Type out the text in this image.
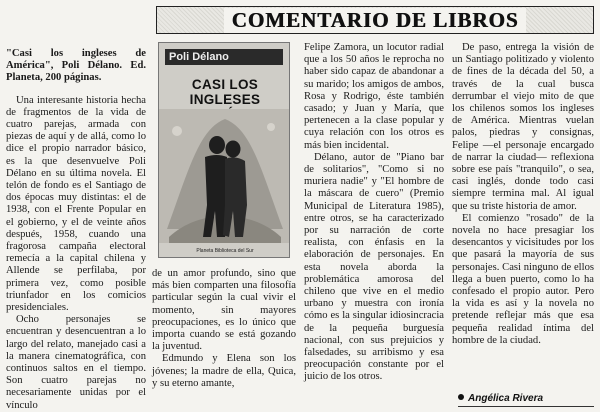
COMENTARIO DE LIBROS

"Casi los ingleses de América", Poli Délano. Ed. Planeta, 200 páginas.

Una interesante historia hecha de fragmentos de la vida de cuatro parejas, armada con piezas de aquí y de allá, como lo dice el propio narrador básico, es la que desenvuelve Poli Délano en su última novela. El telón de fondo es el Santiago de dos épocas muy distintas: el de 1938, con el Frente Popular en el gobierno, y el de veinte años después, 1958, cuando una fragorosa campaña electoral remecía a la capital chilena y Allende se perfilaba, por primera vez, como posible triunfador en los comicios presidenciales.

Ocho personajes se encuentran y desencuentran a lo largo del relato, manejado casi a la manera cinematográfica, con continuos saltos en el tiempo. Son cuatro parejas no necesariamente unidas por el vínculo

Poli Délano
CASI LOS INGLESES
Planeta Biblioteca del Sur

de un amor profundo, sino que más bien comparten una filosofía particular según la cual vivir el momento, sin mayores preocupaciones, es lo único que importa cuando se está gozando la juventud.

Edmundo y Elena son los jóvenes; la madre de ella, Quica, y su eterno amante,

Felipe Zamora, un locutor radial que a los 50 años le reprocha no haber sido capaz de abandonar a su marido; los amigos de ambos, Rosa y Rodrigo, éste también casado; y Juan y María, que pertenecen a la clase popular y cuya relación con los otros es más bien incidental.

Délano, autor de "Piano bar de solitarios", "Como si no muriera nadie" y "El hombre de la máscara de cuero" (Premio Municipal de Literatura 1985), entre otros, se ha caracterizado por su narración de corte realista, con énfasis en la elaboración de personajes. En esta novela aborda la problemática amorosa del chileno que vive en el medio urbano y muestra con ironía cómo es la singular idiosincracia de la pequeña burguesía nacional, con sus prejuicios y falsedades, su arribismo y esa preocupación constante por el juicio de los otros.

De paso, entrega la visión de un Santiago politizado y violento de fines de la década del 50, a través de la cual busca derrumbar el viejo mito de que los chilenos somos los ingleses de América. Mientras vuelan palos, piedras y consignas, Felipe —el personaje encargado de narrar la ciudad— reflexiona sobre ese país "tranquilo", o sea, casi inglés, donde todo casi siempre termina mal. Al igual que su triste historia de amor.

El comienzo "rosado" de la novela no hace presagiar los desencantos y vicisitudes por los que pasará la mayoría de sus personajes. Casi ninguno de ellos llega a buen puerto, como lo ha confesado el propio autor. Pero la vida es así y la novela no pretende reflejar más que esa pequeña realidad íntima del hombre de la ciudad.

Angélica Rivera
